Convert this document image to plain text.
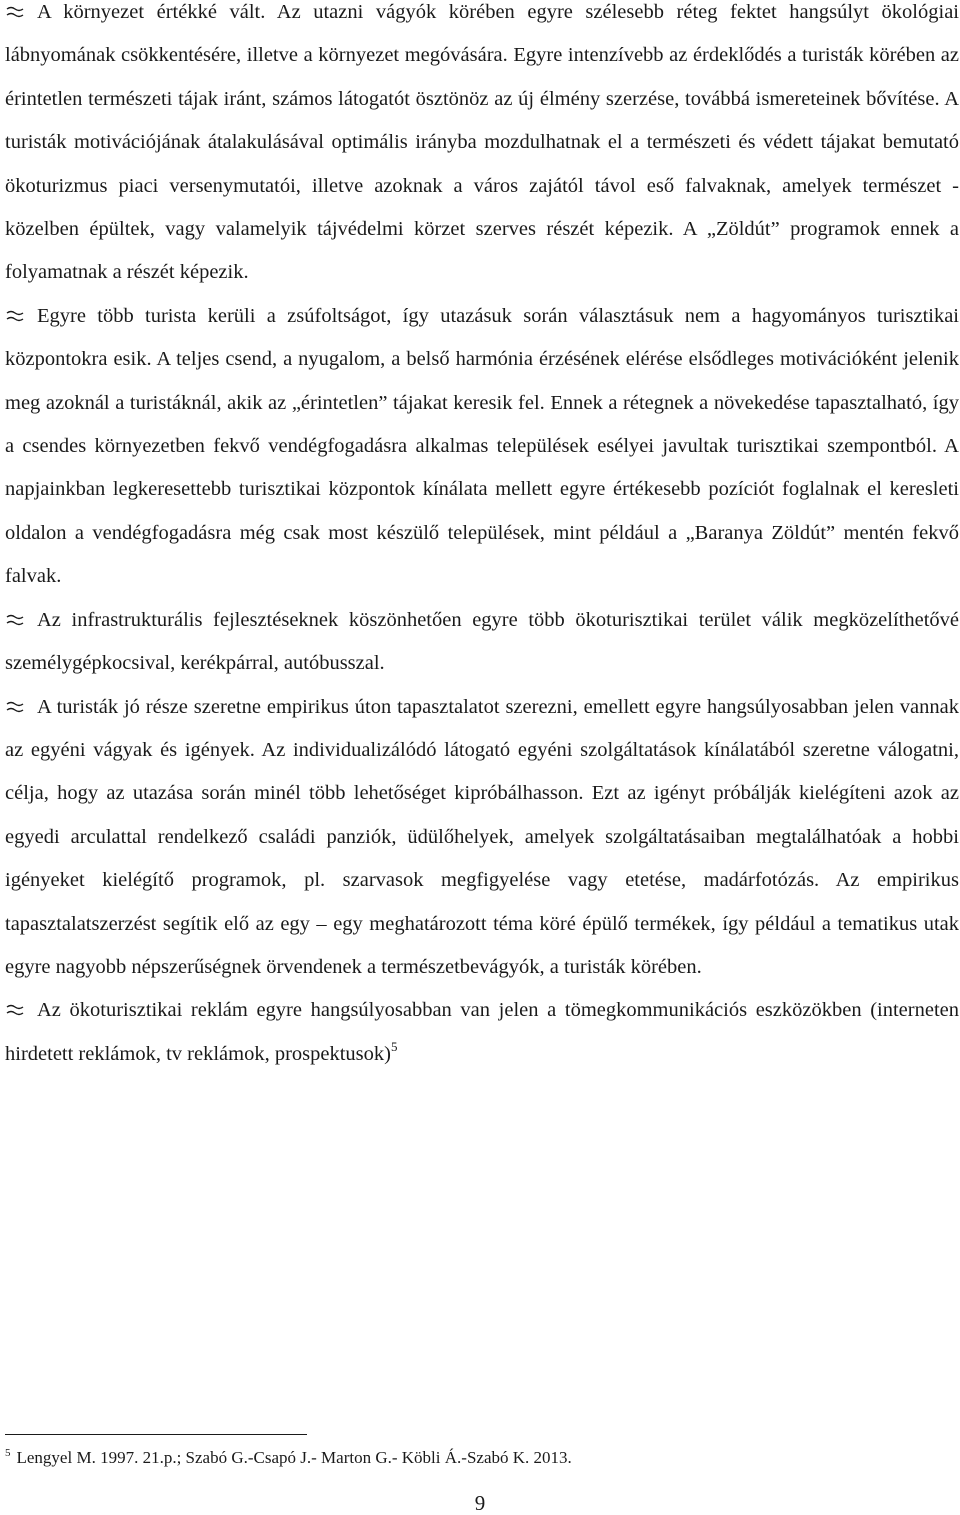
A környezet értékké vált. Az utazni vágyók körében egyre szélesebb réteg fektet hangsúlyt ökológiai lábnyomának csökkentésére, illetve a környezet megóvására. Egyre intenzívebb az érdeklődés a turisták körében az érintetlen természeti tájak iránt, számos látogatót ösztönöz az új élmény szerzése, továbbá ismereteinek bővítése. A turisták motivációjának átalakulásával optimális irányba mozdulhatnak el a természeti és védett tájakat bemutató ökoturizmus piaci versenymutatói, illetve azoknak a város zajától távol eső falvaknak, amelyek természet - közelben épültek, vagy valamelyik tájvédelmi körzet szerves részét képezik. A „Zöldút” programok ennek a folyamatnak a részét képezik.

Egyre több turista kerüli a zsúfoltságot, így utazásuk során választásuk nem a hagyományos turisztikai központokra esik. A teljes csend, a nyugalom, a belső harmónia érzésének elérése elsődleges motivációként jelenik meg azoknál a turistáknál, akik az „érintetlen” tájakat keresik fel. Ennek a rétegnek a növekedése tapasztalható, így a csendes környezetben fekvő vendégfogadásra alkalmas települések esélyei javultak turisztikai szempontból. A napjainkban legkeresettebb turisztikai központok kínálata mellett egyre értékesebb pozíciót foglalnak el keresleti oldalon a vendégfogadásra még csak most készülő települések, mint például a „Baranya Zöldút” mentén fekvő falvak.

Az infrastrukturális fejlesztéseknek köszönhetően egyre több ökoturisztikai terület válik megközelíthetővé személygépkocsival, kerékpárral, autóbusszal.

A turisták jó része szeretne empirikus úton tapasztalatot szerezni, emellett egyre hangsúlyosabban jelen vannak az egyéni vágyak és igények. Az individualizálódó látogató egyéni szolgáltatások kínálatából szeretne válogatni, célja, hogy az utazása során minél több lehetőséget kipróbálhasson. Ezt az igényt próbálják kielégíteni azok az egyedi arculattal rendelkező családi panziók, üdülőhelyek, amelyek szolgáltatásaiban megtalálhatóak a hobbi igényeket kielégítő programok, pl. szarvasok megfigyelése vagy etetése, madárfotózás. Az empirikus tapasztalatszerzést segítik elő az egy – egy meghatározott téma köré épülő termékek, így például a tematikus utak egyre nagyobb népszerűségnek örvendenek a természetbevágyók, a turisták körében.

Az ökoturisztikai reklám egyre hangsúlyosabban van jelen a tömegkommunikációs eszközökben (interneten hirdetett reklámok, tv reklámok, prospektusok)$^5$

$^5$ Lengyel M. 1997. 21.p.; Szabó G.-Csapó J.- Marton G.- Köbli Á.-Szabó K. 2013.
9
